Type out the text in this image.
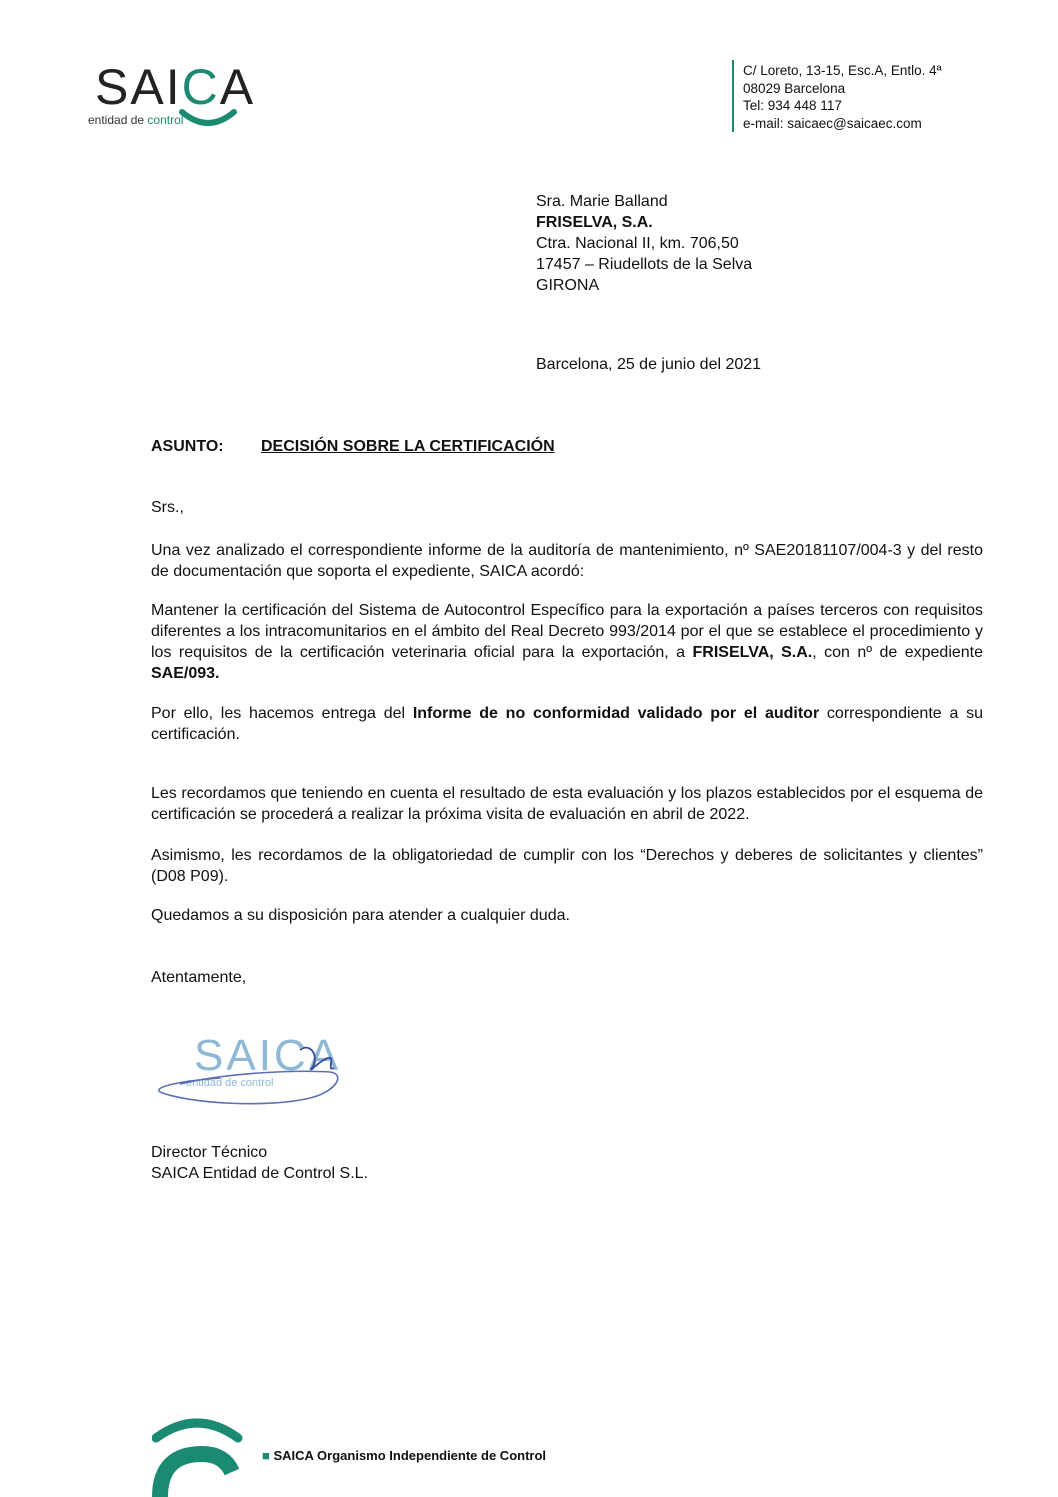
SAICA
entidad de control
C/ Loreto, 13-15, Esc.A, Entlo. 4ª
08029 Barcelona
Tel: 934 448 117
e-mail: saicaec@saicaec.com
Sra. Marie Balland
FRISELVA, S.A.
Ctra. Nacional II, km. 706,50
17457 – Riudellots de la Selva
GIRONA
Barcelona, 25 de junio del 2021
ASUNTO: DECISIÓN SOBRE LA CERTIFICACIÓN
Srs.,
Una vez analizado el correspondiente informe de la auditoría de mantenimiento, nº SAE20181107/004-3 y del resto de documentación que soporta el expediente, SAICA acordó:
Mantener la certificación del Sistema de Autocontrol Específico para la exportación a países terceros con requisitos diferentes a los intracomunitarios en el ámbito del Real Decreto 993/2014 por el que se establece el procedimiento y los requisitos de la certificación veterinaria oficial para la exportación, a FRISELVA, S.A., con nº de expediente SAE/093.
Por ello, les hacemos entrega del Informe de no conformidad validado por el auditor correspondiente a su certificación.
Les recordamos que teniendo en cuenta el resultado de esta evaluación y los plazos establecidos por el esquema de certificación se procederá a realizar la próxima visita de evaluación en abril de 2022.
Asimismo, les recordamos de la obligatoriedad de cumplir con los “Derechos y deberes de solicitantes y clientes” (D08 P09).
Quedamos a su disposición para atender a cualquier duda.
Atentamente,
SAICA
entidad de control
Director Técnico
SAICA Entidad de Control S.L.
■ SAICA Organismo Independiente de Control
